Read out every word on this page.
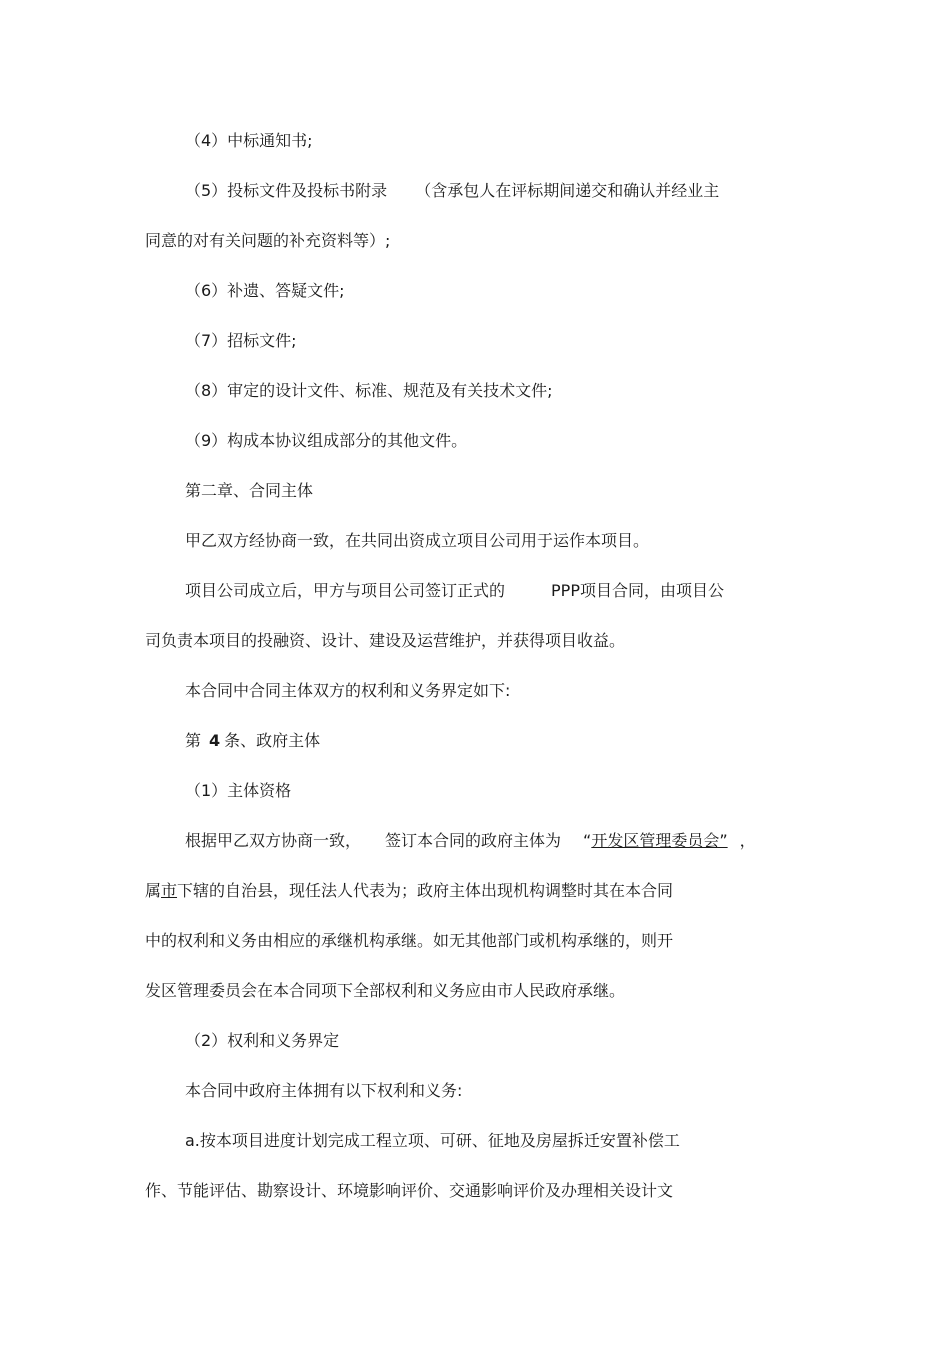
（4）中标通知书;
（5）投标文件及投标书附录 （含承包人在评标期间递交和确认并经业主
同意的对有关问题的补充资料等）;
（6）补遗、答疑文件;
（7）招标文件;
（8）审定的设计文件、标准、规范及有关技术文件;
（9）构成本协议组成部分的其他文件。
第二章、合同主体
甲乙双方经协商一致，在共同出资成立项目公司用于运作本项目。
项目公司成立后，甲方与项目公司签订正式的	PPP项目合同，由项目公
司负责本项目的投融资、设计、建设及运营维护，并获得项目收益。
本合同中合同主体双方的权利和义务界定如下:
第 4 条、政府主体
（1）主体资格
根据甲乙双方协商一致， 签订本合同的政府主体为 “开发区管理委员会” ，
属市下辖的自治县，现任法人代表为；政府主体出现机构调整时其在本合同
中的权利和义务由相应的承继机构承继。如无其他部门或机构承继的，则开
发区管理委员会在本合同项下全部权利和义务应由市人民政府承继。
（2）权利和义务界定
本合同中政府主体拥有以下权利和义务:
a.按本项目进度计划完成工程立项、可研、征地及房屋拆迁安置补偿工
作、节能评估、勘察设计、环境影响评价、交通影响评价及办理相关设计文
